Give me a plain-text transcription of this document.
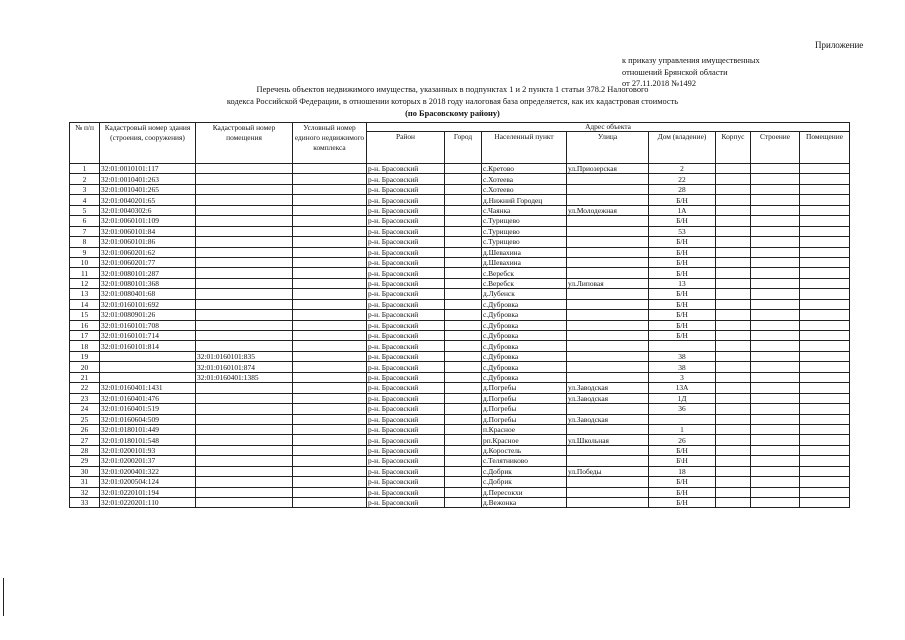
Приложение
к приказу управления имущественных
отношений Брянской области
от 27.11.2018 №1492
Перечень объектов недвижимого имущества, указанных в подпунктах 1 и 2 пункта 1 статьи 378.2 Налогового
кодекса Российской Федерации, в отношении которых в 2018 году налоговая база определяется, как их кадастровая стоимость
(по Брасовскому району)
№ п/п	Кадастровый номер здания (строения, сооружения)	Кадастровый номер помещения	Условный номер единого недвижимого комплекса	Адрес объекта							
				Район	Город	Населенный пункт	Улица	Дом (владение)	Корпус	Строение	Помещение
1	32:01:0010101:117			р-н. Брасовский		с.Кретово	ул.Приозерская	2			
2	32:01:0010401:263			р-н. Брасовский		с.Хотеева		22			
3	32:01:0010401:265			р-н. Брасовский		с.Хотеево		28			
4	32:01:0040201:65			р-н. Брасовский		д.Нижний Городец		Б/Н			
5	32:01:0040302:6			р-н. Брасовский		с.Чаянка	ул.Молодежная	1А			
6	32:01:0060101:109			р-н. Брасовский		с.Турищево		Б/Н			
7	32:01:0060101:84			р-н. Брасовский		с.Турищево		53			
8	32:01:0060101:86			р-н. Брасовский		с.Турищево		Б/Н			
9	32:01:0060201:62			р-н. Брасовский		д.Шевахина		Б/Н			
10	32:01:0060201:77			р-н. Брасовский		д.Шевахина		Б/Н			
11	32:01:0080101:287			р-н. Брасовский		с.Веребск		Б/Н			
12	32:01:0080101:368			р-н. Брасовский		с.Веребск	ул.Липовая	13			
13	32:01:0080401:68			р-н. Брасовский		д.Лубенск		Б/Н			
14	32:01:0160101:692			р-н. Брасовский		с.Дубровка		Б/Н			
15	32:01:0080901:26			р-н. Брасовский		с.Дубровка		Б/Н			
16	32:01:0160101:708			р-н. Брасовский		с.Дубровка		Б/Н			
17	32:01:0160101:714			р-н. Брасовский		с.Дубровка		Б/Н			
18	32:01:0160101:814			р-н. Брасовский		с.Дубровка					
19		32:01:0160101:835		р-н. Брасовский		с.Дубровка		38			
20		32:01:0160101:874		р-н. Брасовский		с.Дубровка		38			
21		32:01:0160401:1385		р-н. Брасовский		с.Дубровка		3			
22	32:01:0160401:1431			р-н. Брасовский		д.Погребы	ул.Заводская	13А			
23	32:01:0160401:476			р-н. Брасовский		д.Погребы	ул.Заводская	1Д			
24	32:01:0160401:519			р-н. Брасовский		д.Погребы		36			
25	32:01:0160604:509			р-н. Брасовский		д.Погребы	ул.Заводская				
26	32:01:0180101:449			р-н. Брасовский		п.Красное		1			
27	32:01:0180101:548			р-н. Брасовский		рп.Красное	ул.Школьная	26			
28	32:01:0200101:93			р-н. Брасовский		д.Коростель		Б/Н			
29	32:01:0200201:37			р-н. Брасовский		с.Телятниково		Б\Н			
30	32:01:0200401:322			р-н. Брасовский		с.Добрик	ул.Победы	18			
31	32:01:0200504:124			р-н. Брасовский		с.Добрик		Б/Н			
32	32:01:0220101:194			р-н. Брасовский		д.Пересокхи		Б/Н			
33	32:01:0220201:110			р-н. Брасовский		д.Вежонка		Б/Н			
